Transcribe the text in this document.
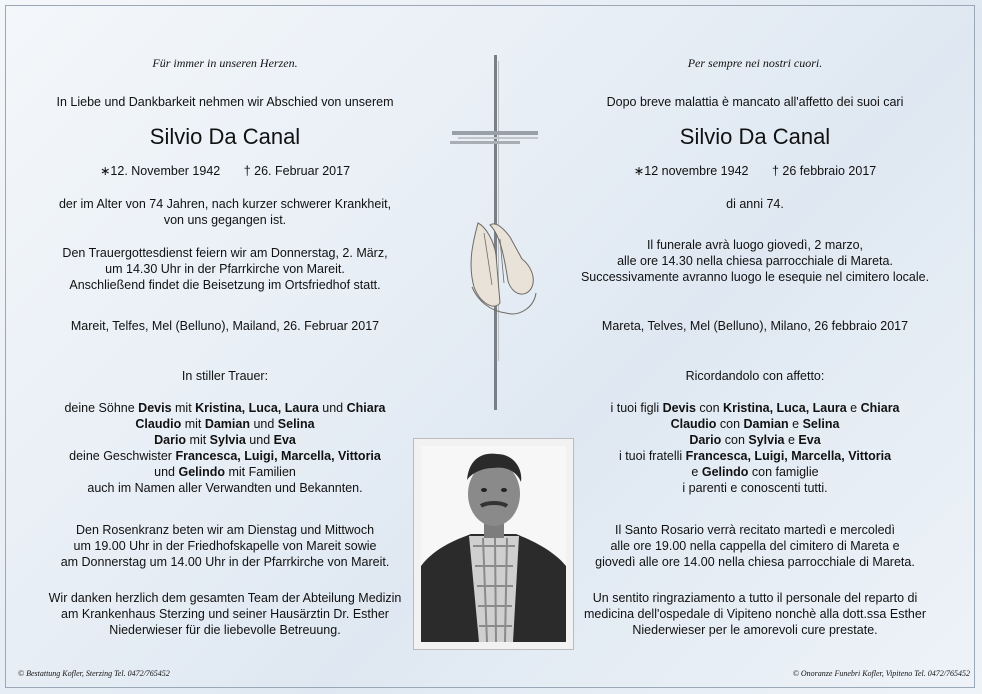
Für immer in unseren Herzen.
In Liebe und Dankbarkeit nehmen wir Abschied von unserem
Silvio Da Canal
∗12. November 1942 † 26. Februar 2017
der im Alter von 74 Jahren, nach kurzer schwerer Krankheit,
von uns gegangen ist.
Den Trauergottesdienst feiern wir am Donnerstag, 2. März,
um 14.30 Uhr in der Pfarrkirche von Mareit.
Anschließend findet die Beisetzung im Ortsfriedhof statt.
Mareit, Telfes, Mel (Belluno), Mailand, 26. Februar 2017
In stiller Trauer:
deine Söhne Devis mit Kristina, Luca, Laura und Chiara
Claudio mit Damian und Selina
Dario mit Sylvia und Eva
deine Geschwister Francesca, Luigi, Marcella, Vittoria
und Gelindo mit Familien
auch im Namen aller Verwandten und Bekannten.
Den Rosenkranz beten wir am Dienstag und Mittwoch
um 19.00 Uhr in der Friedhofskapelle von Mareit sowie
am Donnerstag um 14.00 Uhr in der Pfarrkirche von Mareit.
Wir danken herzlich dem gesamten Team der Abteilung Medizin
am Krankenhaus Sterzing und seiner Hausärztin Dr. Esther
Niederwieser für die liebevolle Betreuung.
Per sempre nei nostri cuori.
Dopo breve malattia è mancato all'affetto dei suoi cari
Silvio Da Canal
∗12 novembre 1942 † 26 febbraio 2017
di anni 74.
Il funerale avrà luogo giovedì, 2 marzo,
alle ore 14.30 nella chiesa parrocchiale di Mareta.
Successivamente avranno luogo le esequie nel cimitero locale.
Mareta, Telves, Mel (Belluno), Milano, 26 febbraio 2017
Ricordandolo con affetto:
i tuoi figli Devis con Kristina, Luca, Laura e Chiara
Claudio con Damian e Selina
Dario con Sylvia e Eva
i tuoi fratelli Francesca, Luigi, Marcella, Vittoria
e Gelindo con famiglie
i parenti e conoscenti tutti.
Il Santo Rosario verrà recitato martedì e mercoledì
alle ore 19.00 nella cappella del cimitero di Mareta e
giovedì alle ore 14.00 nella chiesa parrocchiale di Mareta.
Un sentito ringraziamento a tutto il personale del reparto di
medicina dell'ospedale di Vipiteno nonchè alla dott.ssa Esther
Niederwieser per le amorevoli cure prestate.
© Bestattung Kofler, Sterzing Tel. 0472/765452	© Onoranze Funebri Kofler, Vipiteno Tel. 0472/765452
